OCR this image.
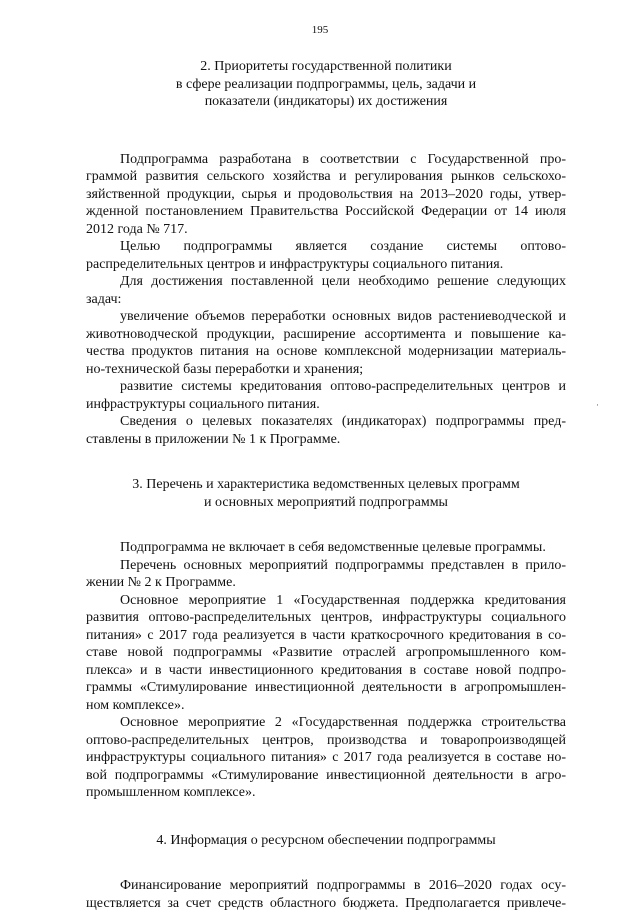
195
2. Приоритеты государственной политики
в сфере реализации подпрограммы, цель, задачи и
показатели (индикаторы) их достижения
Подпрограмма разработана в соответствии с Государственной про-
граммой развития сельского хозяйства и регулирования рынков сельскохо-
зяйственной продукции, сырья и продовольствия на 2013–2020 годы, утвер-
жденной постановлением Правительства Российской Федерации от 14 июля
2012 года № 717.
Целью подпрограммы является создание системы оптово-
распределительных центров и инфраструктуры социального питания.
Для достижения поставленной цели необходимо решение следующих
задач:
увеличение объемов переработки основных видов растениеводческой и
животноводческой продукции, расширение ассортимента и повышение ка-
чества продуктов питания на основе комплексной модернизации материаль-
но-технической базы переработки и хранения;
развитие системы кредитования оптово-распределительных центров и
инфраструктуры социального питания.
Сведения о целевых показателях (индикаторах) подпрограммы пред-
ставлены в приложении № 1 к Программе.
3. Перечень и характеристика ведомственных целевых программ
и основных мероприятий подпрограммы
Подпрограмма не включает в себя ведомственные целевые программы.
Перечень основных мероприятий подпрограммы представлен в прило-
жении № 2 к Программе.
Основное мероприятие 1 «Государственная поддержка кредитования
развития оптово-распределительных центров, инфраструктуры социального
питания» с 2017 года реализуется в части краткосрочного кредитования в со-
ставе новой подпрограммы «Развитие отраслей агропромышленного ком-
плекса» и в части инвестиционного кредитования в составе новой подпро-
граммы «Стимулирование инвестиционной деятельности в агропромышлен-
ном комплексе».
Основное мероприятие 2 «Государственная поддержка строительства
оптово-распределительных центров, производства и товаропроизводящей
инфраструктуры социального питания» с 2017 года реализуется в составе но-
вой подпрограммы «Стимулирование инвестиционной деятельности в агро-
промышленном комплексе».
4. Информация о ресурсном обеспечении подпрограммы
Финансирование мероприятий подпрограммы в 2016–2020 годах осу-
ществляется за счет средств областного бюджета. Предполагается привлече-
·
